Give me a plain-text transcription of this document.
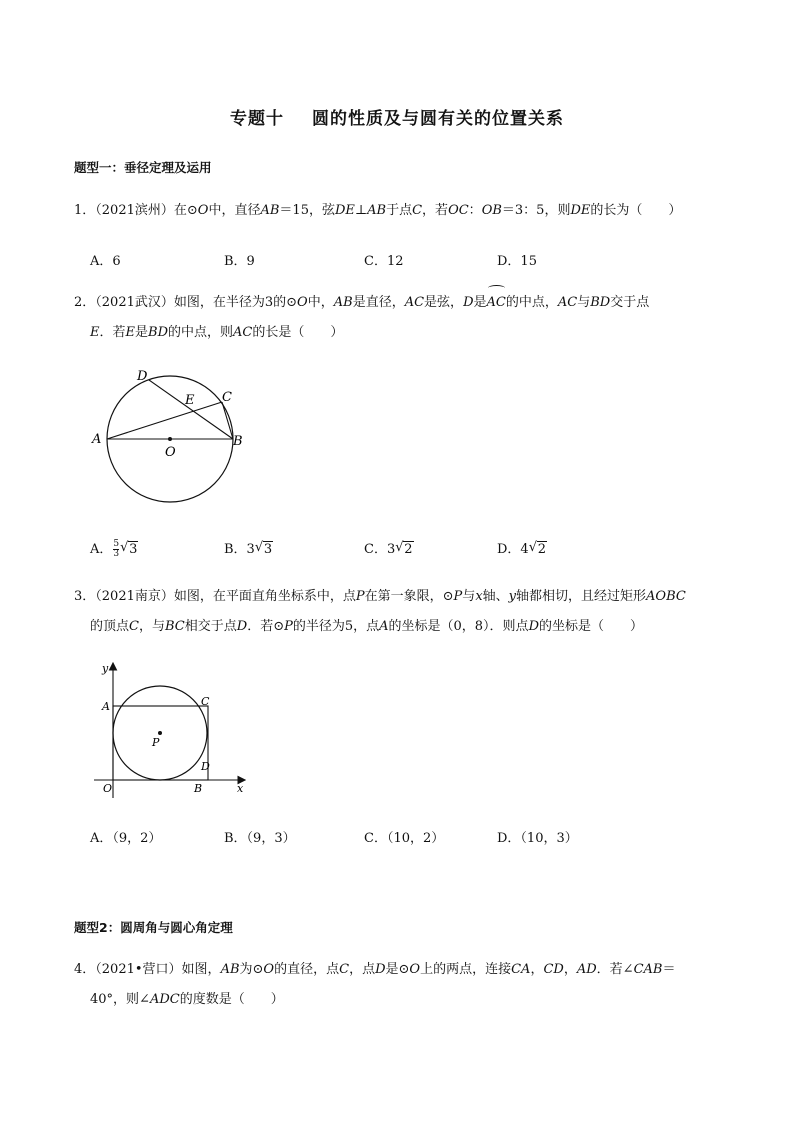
专题十 圆的性质及与圆有关的位置关系
题型一：垂径定理及运用
1．（2021滨州）在⊙O中，直径AB＝15，弦DE⊥AB于点C，若OC：OB＝3：5，则DE的长为（　　）
A．6	B．9	C．12	D．15
2．（2021武汉）如图，在半径为3的⊙O中，AB是直径，AC是弦，D是AC的中点，AC与BD交于点
E．若E是BD的中点，则AC的长是（　　）
A	B
C
D
E
O
A． $\frac{5}{3}$ √ 3	B．3 √ 3	C．3 √ 2	D．4 √ 2
3．（2021南京）如图，在平面直角坐标系中，点P在第一象限，⊙P与x轴、y轴都相切，且经过矩形AOBC
的顶点C，与BC相交于点D．若⊙P的半径为5，点A的坐标是（0，8）．则点D的坐标是（　　）
y
x
A	C
P
D
O	B
A．（9，2）	B．（9，3）	C．（10，2）	D．（10，3）
题型2：圆周角与圆心角定理
4．（2021•营口）如图，AB为⊙O的直径，点C，点D是⊙O上的两点，连接CA，CD，AD．若∠CAB＝
40°，则∠ADC的度数是（　　）
